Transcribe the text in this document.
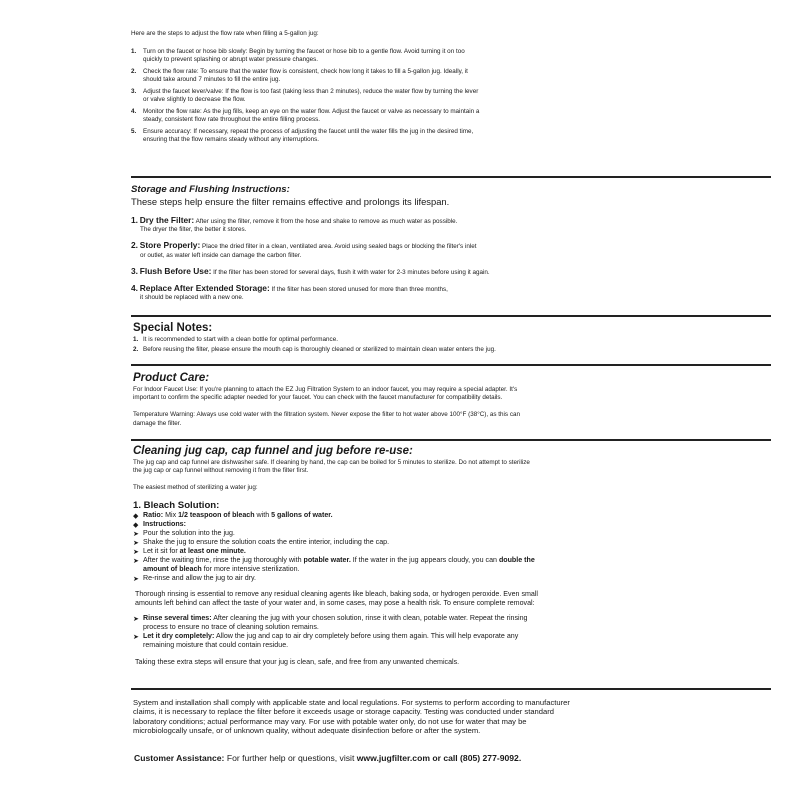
Here are the steps to adjust the flow rate when filling a 5-gallon jug:
1. Turn on the faucet or hose bib slowly: Begin by turning the faucet or hose bib to a gentle flow. Avoid turning it on too
quickly to prevent splashing or abrupt water pressure changes.
2. Check the flow rate: To ensure that the water flow is consistent, check how long it takes to fill a 5-gallon jug. Ideally, it
should take around 7 minutes to fill the entire jug.
3. Adjust the faucet lever/valve: If the flow is too fast (taking less than 2 minutes), reduce the water flow by turning the lever
or valve slightly to decrease the flow.
4. Monitor the flow rate: As the jug fills, keep an eye on the water flow. Adjust the faucet or valve as necessary to maintain a
steady, consistent flow rate throughout the entire filling process.
5. Ensure accuracy: If necessary, repeat the process of adjusting the faucet until the water fills the jug in the desired time,
ensuring that the flow remains steady without any interruptions.
Storage and Flushing Instructions:
These steps help ensure the filter remains effective and prolongs its lifespan.
1. Dry the Filter: After using the filter, remove it from the hose and shake to remove as much water as possible.
The dryer the filter, the better it stores.
2. Store Properly: Place the dried filter in a clean, ventilated area. Avoid using sealed bags or blocking the filter's inlet
or outlet, as water left inside can damage the carbon filter.
3. Flush Before Use: If the filter has been stored for several days, flush it with water for 2-3 minutes before using it again.
4. Replace After Extended Storage: If the filter has been stored unused for more than three months,
it should be replaced with a new one.
Special Notes:
1. It is recommended to start with a clean bottle for optimal performance.
2. Before reusing the filter, please ensure the mouth cap is thoroughly cleaned or sterilized to maintain clean water enters the jug.
Product Care:
For Indoor Faucet Use: If you're planning to attach the EZ Jug Filtration System to an indoor faucet, you may require a special adapter. It's
important to confirm the specific adapter needed for your faucet. You can check with the faucet manufacturer for compatibility details.
Temperature Warning: Always use cold water with the filtration system. Never expose the filter to hot water above 100°F (38°C), as this can
damage the filter.
Cleaning jug cap, cap funnel and jug before re-use:
The jug cap and cap funnel are dishwasher safe. If cleaning by hand, the cap can be boiled for 5 minutes to sterilize. Do not attempt to sterilize
the jug cap or cap funnel without removing it from the filter first.
The easiest method of sterilizing a water jug:
1. Bleach Solution:
◆ Ratio: Mix 1/2 teaspoon of bleach with 5 gallons of water.
◆ Instructions:
➤ Pour the solution into the jug.
➤ Shake the jug to ensure the solution coats the entire interior, including the cap.
➤ Let it sit for at least one minute.
➤ After the waiting time, rinse the jug thoroughly with potable water. If the water in the jug appears cloudy, you can double the
amount of bleach for more intensive sterilization.
➤ Re-rinse and allow the jug to air dry.
Thorough rinsing is essential to remove any residual cleaning agents like bleach, baking soda, or hydrogen peroxide. Even small
amounts left behind can affect the taste of your water and, in some cases, may pose a health risk. To ensure complete removal:
➤ Rinse several times: After cleaning the jug with your chosen solution, rinse it with clean, potable water. Repeat the rinsing
process to ensure no trace of cleaning solution remains.
➤ Let it dry completely: Allow the jug and cap to air dry completely before using them again. This will help evaporate any
remaining moisture that could contain residue.
Taking these extra steps will ensure that your jug is clean, safe, and free from any unwanted chemicals.
System and installation shall comply with applicable state and local regulations. For systems to perform according to manufacturer
claims, it is necessary to replace the filter before it exceeds usage or storage capacity. Testing was conducted under standard
laboratory conditions; actual performance may vary. For use with potable water only, do not use for water that may be
microbiologcally unsafe, or of unknown quality, without adequate disinfection before or after the system.
Customer Assistance: For further help or questions, visit www.jugfilter.com or call (805) 277-9092.
